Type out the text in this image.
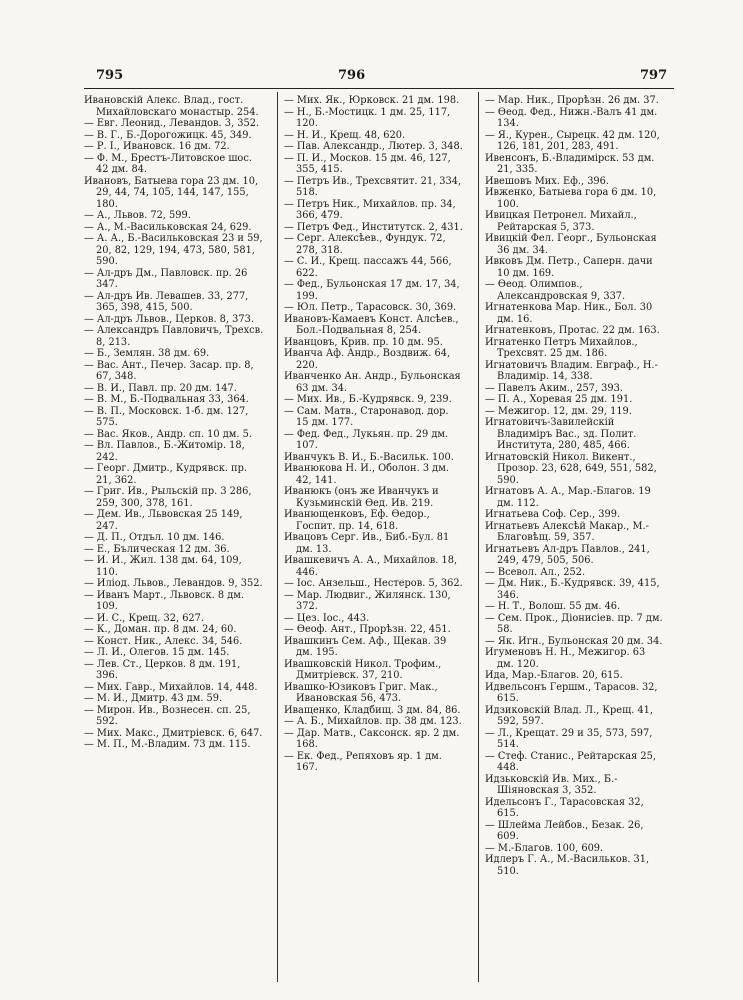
795	796	797

Ивановскій Алекс. Влад., гост. Михайловскаго монастыр. 254.

— Евг. Леонид., Левандов. 3, 352.

— В. Г., Б.-Дорогожицк. 45, 349.

— Р. І., Ивановск. 16 дм. 72.

— Ф. М., Брестъ-Литовское шос. 42 дм. 84.

Ивановъ, Батыева гора 23 дм. 10, 29, 44, 74, 105, 144, 147, 155, 180.

— А., Львов. 72, 599.

— А., М.-Васильковская 24, 629.

— А. А., Б.-Васильковская 23 и 59, 20, 82, 129, 194, 473, 580, 581, 590.

— Ал-дръ Дм., Павловск. пр. 26 347.

— Ал-дръ Ив. Левашев. 33, 277, 365, 398, 415, 500.

— Ал-дръ Львов., Церков. 8, 373.

— Александръ Павловичъ, Трехсв. 8, 213.

— Б., Землян. 38 дм. 69.

— Вас. Ант., Печер. Засар. пр. 8, 67, 348.

— В. И., Павл. пр. 20 дм. 147.

— В. М., Б.-Подвальная 33, 364.

— В. П., Московск. 1-б. дм. 127, 575.

— Вас. Яков., Андр. сп. 10 дм. 5.

— Вл. Павлов., Б.-Житомір. 18, 242.

— Георг. Дмитр., Кудрявск. пр. 21, 362.

— Григ. Ив., Рыльскій пр. 3 286, 259, 300, 378, 161.

— Дем. Ив., Львовская 25 149, 247.

— Д. П., Отдъл. 10 дм. 146.

— Е., Бълическая 12 дм. 36.

— И. И., Жил. 138 дм. 64, 109, 110.

— Иліод. Львов., Левандов. 9, 352.

— Иванъ Март., Львовск. 8 дм. 109.

— И. С., Крещ. 32, 627.

— К., Доман. пр. 8 дм. 24, 60.

— Конст. Ник., Алекс. 34, 546.

— Л. И., Олегов. 15 дм. 145.

— Лев. Ст., Церков. 8 дм. 191, 396.

— Мих. Гавр., Михайлов. 14, 448.

— М. И., Дмитр. 43 дм. 59.

— Мирон. Ив., Вознесен. сп. 25, 592.

— Мих. Макс., Дмитріевск. 6, 647.

— М. П., М.-Владим. 73 дм. 115.

— Мих. Як., Юрковск. 21 дм. 198.

— Н., Б.-Мостицк. 1 дм. 25, 117, 120.

— Н. И., Крещ. 48, 620.

— Пав. Александр., Лютер. 3, 348.

— П. И., Москов. 15 дм. 46, 127, 355, 415.

— Петръ Ив., Трехсвятит. 21, 334, 518.

— Петръ Ник., Михайлов. пр. 34, 366, 479.

— Петръ Фед., Институтск. 2, 431.

— Серг. Алексѣев., Фундук. 72, 278, 318.

— С. И., Крещ. пассажъ 44, 566, 622.

— Фед., Бульонская 17 дм. 17, 34, 199.

— Юл. Петр., Тарасовск. 30, 369.

Ивановъ-Камаевъ Конст. Алсѣев., Бол.-Подвальная 8, 254.

Иванцовъ, Крив. пр. 10 дм. 95.

Иванча Аф. Андр., Воздвиж. 64, 220.

Иванченко Ан. Андр., Бульонская 63 дм. 34.

— Мих. Ив., Б.-Кудрявск. 9, 239.

— Сам. Матв., Старонавод. дор. 15 дм. 177.

— Фед. Фед., Лукьян. пр. 29 дм. 107.

Иванчукъ В. И., Б.-Васильк. 100.

Иванюкова Н. И., Оболон. 3 дм. 42, 141.

Иванюкъ (онъ же Иванчукъ и Кузьминскій Ѳед. Ив. 219.

Иванющенковъ, Еф. Ѳедор., Госпит. пр. 14, 618.

Ивацовъ Серг. Ив., Биб.-Бул. 81 дм. 13.

Ивашкевичъ А. А., Михайлов. 18, 446.

— Іос. Анзельш., Нестеров. 5, 362.

— Мар. Людвиг., Жилянск. 130, 372.

— Цез. Іос., 443.

— Ѳеоф. Ант., Прорѣзн. 22, 451.

Ивашкинъ Сем. Аф., Щекав. 39 дм. 195.

Ивашковскій Никол. Трофим., Дмитріевск. 37, 210.

Ивашко-Юзиковъ Григ. Мак., Ивановская 56, 473.

Иващенко, Кладбищ. 3 дм. 84, 86.

— А. Б., Михайлов. пр. 38 дм. 123.

— Дар. Матв., Саксонск. яр. 2 дм. 168.

— Ек. Фед., Репяховъ яр. 1 дм. 167.

— Мар. Ник., Прорѣзн. 26 дм. 37.

— Ѳеод. Фед., Нижн.-Валъ 41 дм. 134.

— Я., Курен., Сырецк. 42 дм. 120, 126, 181, 201, 283, 491.

Ивенсонъ, Б.-Владиміpск. 53 дм. 21, 335.

Ивешовъ Мих. Еф., 396.

Ивженко, Батыева гора 6 дм. 10, 100.

Ивицкая Петронел. Михайл., Рейтарская 5, 373.

Ивицкій Фел. Георг., Бульонская 36 дм. 34.

Ивковъ Дм. Петр., Саперн. дачи 10 дм. 169.

— Ѳеод. Олимпов., Александровская 9, 337.

Игнатенкова Мар. Ник., Бол. 30 дм. 16.

Игнатенковъ, Протас. 22 дм. 163.

Игнатенко Петръ Михайлов., Трехсвят. 25 дм. 186.

Игнатовичъ Владим. Евграф., Н.-Владимір. 14, 338.

— Павелъ Аким., 257, 393.

— П. А., Хоревая 25 дм. 191.

— Межигор. 12, дм. 29, 119.

Игнатовичъ-Завилейскій Владиміръ Вас., зд. Полит. Института, 280, 485, 466.

Игнатовскій Никол. Викент., Прозор. 23, 628, 649, 551, 582, 590.

Игнатовъ А. А., Мар.-Благов. 19 дм. 112.

Игнатьева Соф. Сер., 399.

Игнатьевъ Алексѣй Макар., М.-Благовѣщ. 59, 357.

Игнатьевъ Ал-дръ Павлов., 241, 249, 479, 505, 506.

— Всевол. Ал., 252.

— Дм. Ник., Б.-Кудрявск. 39, 415, 346.

— Н. Т., Волош. 55 дм. 46.

— Сем. Прок., Діонисіев. пр. 7 дм. 58.

— Як. Игн., Бульонская 20 дм. 34.

Игуменовъ Н. Н., Межигор. 63 дм. 120.

Ида, Мар.-Благов. 20, 615.

Идвельсонъ Гершм., Тарасов. 32, 615.

Идзиковскій Влад. Л., Крещ. 41, 592, 597.

— Л., Крещат. 29 и 35, 573, 597, 514.

— Стеф. Станис., Рейтарская 25, 448.

Идзьковскій Ив. Мих., Б.-Шіяновская 3, 352.

Идельсонъ Г., Тарасовская 32, 615.

— Шлейма Лейбов., Безак. 26, 609.

— М.-Благов. 100, 609.

Идлеръ Г. А., М.-Васильков. 31, 510.
